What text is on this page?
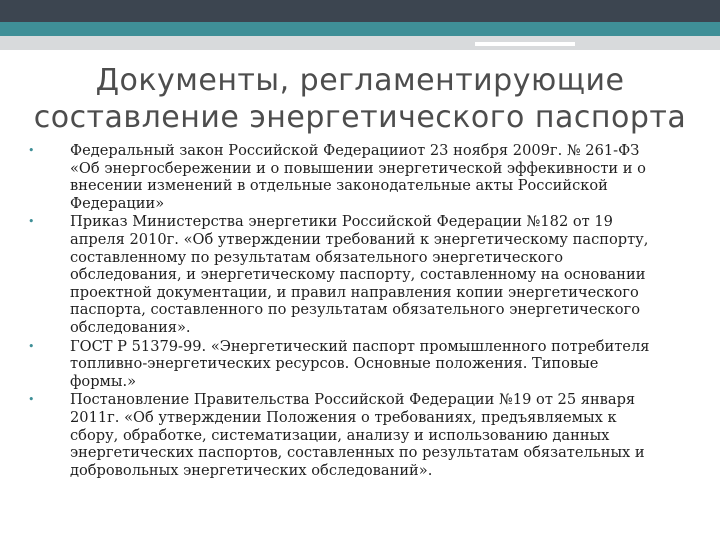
Документы, регламентирующие
составление энергетического паспорта
• Федеральный закон Российской Федерацииот 23 ноября 2009г. № 261-ФЗ
«Об энергосбережении и о повышении энергетической эффекивности и о
внесении изменений в отдельные законодательные акты Российской
Федерации»
• Приказ Министерства энергетики Российской Федерации №182 от 19
апреля 2010г. «Об утверждении требований к энергетическому паспорту,
составленному по результатам обязательного энергетического
обследования, и энергетическому паспорту, составленному на основании
проектной документации, и правил направления копии энергетического
паспорта, составленного по результатам обязательного энергетического
обследования».
• ГОСТ Р 51379-99. «Энергетический паспорт промышленного потребителя
топливно-энергетических ресурсов. Основные положения. Типовые
формы.»
• Постановление Правительства Российской Федерации №19 от 25 января
2011г. «Об утверждении Положения о требованиях, предъявляемых к
сбору, обработке, систематизации, анализу и использованию данных
энергетических паспортов, составленных по результатам обязательных и
добровольных энергетических обследований».
